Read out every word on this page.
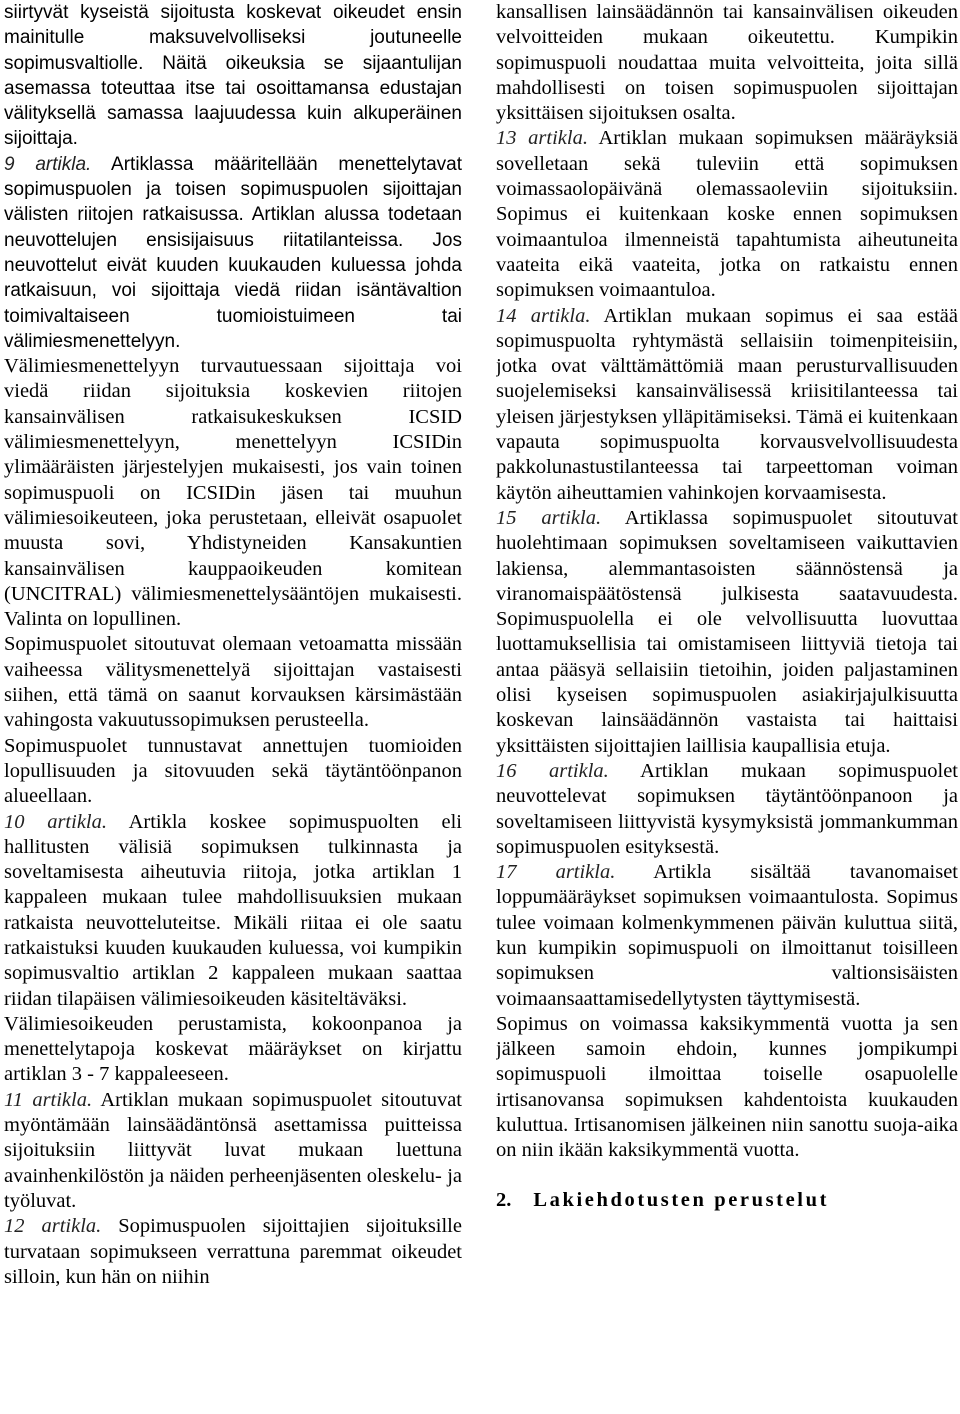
siirtyvät kyseistä sijoitusta koskevat oikeudet ensin mainitulle maksuvelvolliseksi joutuneelle sopimusvaltiolle. Näitä oikeuksia se sijaantulijan asemassa toteuttaa itse tai osoittamansa edustajan välityksellä samassa laajuudessa kuin alkuperäinen sijoittaja.

9 artikla. Artiklassa määritellään menettelytavat sopimuspuolen ja toisen sopimuspuolen sijoittajan välisten riitojen ratkaisussa. Artiklan alussa todetaan neuvottelujen ensisijaisuus riitatilanteissa. Jos neuvottelut eivät kuuden kuukauden kuluessa johda ratkaisuun, voi sijoittaja viedä riidan isäntävaltion toimivaltaiseen tuomioistuimeen tai välimiesmenettelyyn.

Välimiesmenettelyyn turvautuessaan sijoittaja voi viedä riidan sijoituksia koskevien riitojen kansainvälisen ratkaisukeskuksen ICSID välimiesmenettelyyn, menettelyyn ICSIDin ylimääräisten järjestelyjen mukaisesti, jos vain toinen sopimuspuoli on ICSIDin jäsen tai muuhun välimiesoikeuteen, joka perustetaan, elleivät osapuolet muusta sovi, Yhdistyneiden Kansakuntien kansainvälisen kauppaoikeuden komitean (UNCITRAL) välimiesmenettelysääntöjen mukaisesti. Valinta on lopullinen.

Sopimuspuolet sitoutuvat olemaan vetoamatta missään vaiheessa välitysmenettelyä sijoittajan vastaisesti siihen, että tämä on saanut korvauksen kärsimästään vahingosta vakuutussopimuksen perusteella.

Sopimuspuolet tunnustavat annettujen tuomioiden lopullisuuden ja sitovuuden sekä täytäntöönpanon alueellaan.

10 artikla. Artikla koskee sopimuspuolten eli hallitusten välisiä sopimuksen tulkinnasta ja soveltamisesta aiheutuvia riitoja, jotka artiklan 1 kappaleen mukaan tulee mahdollisuuksien mukaan ratkaista neuvotteluteitse. Mikäli riitaa ei ole saatu ratkaistuksi kuuden kuukauden kuluessa, voi kumpikin sopimusvaltio artiklan 2 kappaleen mukaan saattaa riidan tilapäisen välimiesoikeuden käsiteltäväksi.

Välimiesoikeuden perustamista, kokoonpanoa ja menettelytapoja koskevat määräykset on kirjattu artiklan 3 - 7 kappaleeseen.

11 artikla. Artiklan mukaan sopimuspuolet sitoutuvat myöntämään lainsäädäntönsä asettamissa puitteissa sijoituksiin liittyvät luvat mukaan luettuna avainhenkilöstön ja näiden perheenjäsenten oleskelu- ja työluvat.

12 artikla. Sopimuspuolen sijoittajien sijoituksille turvataan sopimukseen verrattuna paremmat oikeudet silloin, kun hän on niihin

kansallisen lainsäädännön tai kansainvälisen oikeuden velvoitteiden mukaan oikeutettu. Kumpikin sopimuspuoli noudattaa muita velvoitteita, joita sillä mahdollisesti on toisen sopimuspuolen sijoittajan yksittäisen sijoituksen osalta.

13 artikla. Artiklan mukaan sopimuksen määräyksiä sovelletaan sekä tuleviin että sopimuksen voimassaolopäivänä olemassaoleviin sijoituksiin. Sopimus ei kuitenkaan koske ennen sopimuksen voimaantuloa ilmenneistä tapahtumista aiheutuneita vaateita eikä vaateita, jotka on ratkaistu ennen sopimuksen voimaantuloa.

14 artikla. Artiklan mukaan sopimus ei saa estää sopimuspuolta ryhtymästä sellaisiin toimenpiteisiin, jotka ovat välttämättömiä maan perusturvallisuuden suojelemiseksi kansainvälisessä kriisitilanteessa tai yleisen järjestyksen ylläpitämiseksi. Tämä ei kuitenkaan vapauta sopimuspuolta korvausvelvollisuudesta pakkolunastustilanteessa tai tarpeettoman voiman käytön aiheuttamien vahinkojen korvaamisesta.

15 artikla. Artiklassa sopimuspuolet sitoutuvat huolehtimaan sopimuksen soveltamiseen vaikuttavien lakiensa, alemmantasoisten säännöstensä ja viranomaispäätöstensä julkisesta saatavuudesta. Sopimuspuolella ei ole velvollisuutta luovuttaa luottamuksellisia tai omistamiseen liittyviä tietoja tai antaa pääsyä sellaisiin tietoihin, joiden paljastaminen olisi kyseisen sopimuspuolen asiakirjajulkisuutta koskevan lainsäädännön vastaista tai haittaisi yksittäisten sijoittajien laillisia kaupallisia etuja.

16 artikla. Artiklan mukaan sopimuspuolet neuvottelevat sopimuksen täytäntöönpanoon ja soveltamiseen liittyvistä kysymyksistä jommankumman sopimuspuolen esityksestä.

17 artikla. Artikla sisältää tavanomaiset loppumääräykset sopimuksen voimaantulosta. Sopimus tulee voimaan kolmenkymmenen päivän kuluttua siitä, kun kumpikin sopimuspuoli on ilmoittanut toisilleen sopimuksen valtionsisäisten voimaansaattamisedellytysten täyttymisestä.

Sopimus on voimassa kaksikymmentä vuotta ja sen jälkeen samoin ehdoin, kunnes jompikumpi sopimuspuoli ilmoittaa toiselle osapuolelle irtisanovansa sopimuksen kahdentoista kuukauden kuluttua. Irtisanomisen jälkeinen niin sanottu suoja-aika on niin ikään kaksikymmentä vuotta.

2. Lakiehdotusten perustelut
